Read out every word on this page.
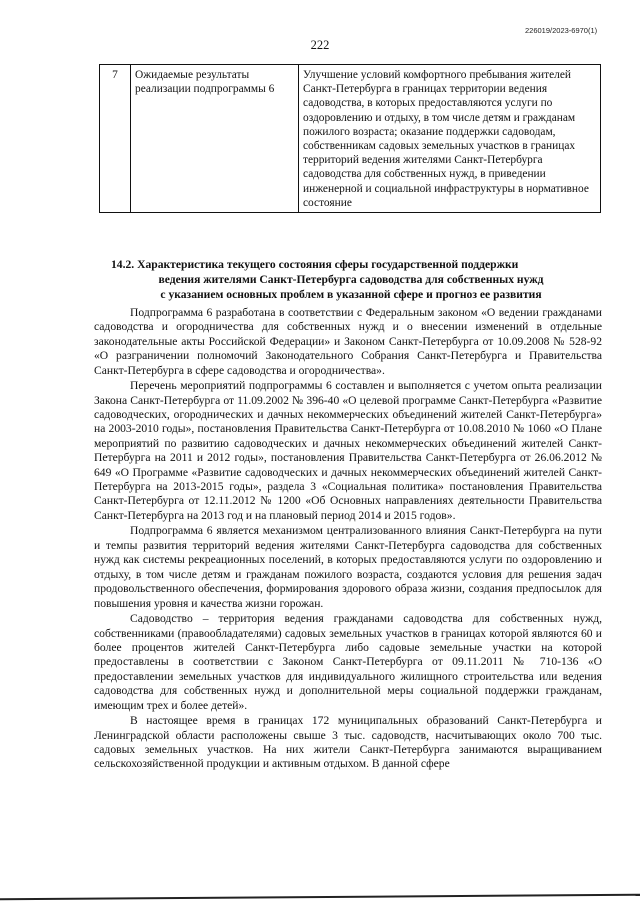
226019/2023-6970(1)
222
7	Ожидаемые результаты реализации подпрограммы 6	Улучшение условий комфортного пребывания жителей Санкт-Петербурга в границах территории ведения садоводства, в которых предоставляются услуги по оздоровлению и отдыху, в том числе детям и гражданам пожилого возраста; оказание поддержки садоводам, собственникам садовых земельных участков в границах территорий ведения жителями Санкт-Петербурга садоводства для собственных нужд, в приведении инженерной и социальной инфраструктуры в нормативное состояние
14.2. Характеристика текущего состояния сферы государственной поддержки
ведения жителями Санкт-Петербурга садоводства для собственных нужд
с указанием основных проблем в указанной сфере и прогноз ее развития

Подпрограмма 6 разработана в соответствии с Федеральным законом «О ведении гражданами садоводства и огородничества для собственных нужд и о внесении изменений в отдельные законодательные акты Российской Федерации» и Законом Санкт-Петербурга от 10.09.2008 № 528-92 «О разграничении полномочий Законодательного Собрания Санкт-Петербурга и Правительства Санкт-Петербурга в сфере садоводства и огородничества».

Перечень мероприятий подпрограммы 6 составлен и выполняется с учетом опыта реализации Закона Санкт-Петербурга от 11.09.2002 № 396-40 «О целевой программе Санкт-Петербурга «Развитие садоводческих, огороднических и дачных некоммерческих объединений жителей Санкт-Петербурга» на 2003-2010 годы», постановления Правительства Санкт-Петербурга от 10.08.2010 № 1060 «О Плане мероприятий по развитию садоводческих и дачных некоммерческих объединений жителей Санкт-Петербурга на 2011 и 2012 годы», постановления Правительства Санкт-Петербурга от 26.06.2012 № 649 «О Программе «Развитие садоводческих и дачных некоммерческих объединений жителей Санкт-Петербурга на 2013-2015 годы», раздела 3 «Социальная политика» постановления Правительства Санкт-Петербурга от 12.11.2012 № 1200 «Об Основных направлениях деятельности Правительства Санкт-Петербурга на 2013 год и на плановый период 2014 и 2015 годов».

Подпрограмма 6 является механизмом централизованного влияния Санкт-Петербурга на пути и темпы развития территорий ведения жителями Санкт-Петербурга садоводства для собственных нужд как системы рекреационных поселений, в которых предоставляются услуги по оздоровлению и отдыху, в том числе детям и гражданам пожилого возраста, создаются условия для решения задач продовольственного обеспечения, формирования здорового образа жизни, создания предпосылок для повышения уровня и качества жизни горожан.

Садоводство – территория ведения гражданами садоводства для собственных нужд, собственниками (правообладателями) садовых земельных участков в границах которой являются 60 и более процентов жителей Санкт-Петербурга либо садовые земельные участки на которой предоставлены в соответствии с Законом Санкт-Петербурга от 09.11.2011 № 710-136 «О предоставлении земельных участков для индивидуального жилищного строительства или ведения садоводства для собственных нужд и дополнительной меры социальной поддержки гражданам, имеющим трех и более детей».

В настоящее время в границах 172 муниципальных образований Санкт-Петербурга и Ленинградской области расположены свыше 3 тыс. садоводств, насчитывающих около 700 тыс. садовых земельных участков. На них жители Санкт-Петербурга занимаются выращиванием сельскохозяйственной продукции и активным отдыхом. В данной сфере
